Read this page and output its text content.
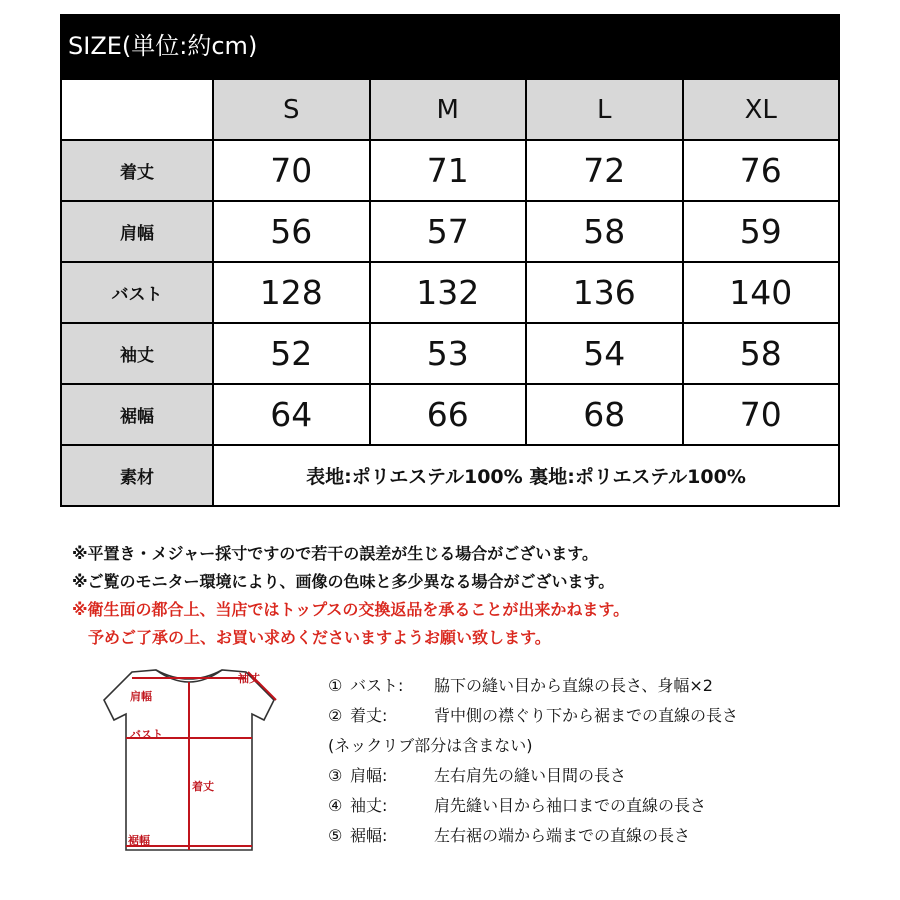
SIZE(単位:約cm)
	S	M	L	XL
着丈	70	71	72	76
肩幅	56	57	58	59
バスト	128	132	136	140
袖丈	52	53	54	58
裾幅	64	66	68	70
素材	表地:ポリエステル100% 裏地:ポリエステル100%			

※平置き・メジャー採寸ですので若干の誤差が生じる場合がございます。

※ご覧のモニター環境により、画像の色味と多少異なる場合がございます。

※衛生面の都合上、当店ではトップスの交換返品を承ることが出来かねます。

予めご了承の上、お買い求めくださいますようお願い致します。

袖丈
肩幅
バスト
着丈
裾幅
① バスト: 脇下の縫い目から直線の長さ、身幅×2
② 着丈:	背中側の襟ぐり下から裾までの直線の長さ
(ネックリブ部分は含まない)
③ 肩幅:	左右肩先の縫い目間の長さ
④ 袖丈:	肩先縫い目から袖口までの直線の長さ
⑤ 裾幅:	左右裾の端から端までの直線の長さ
